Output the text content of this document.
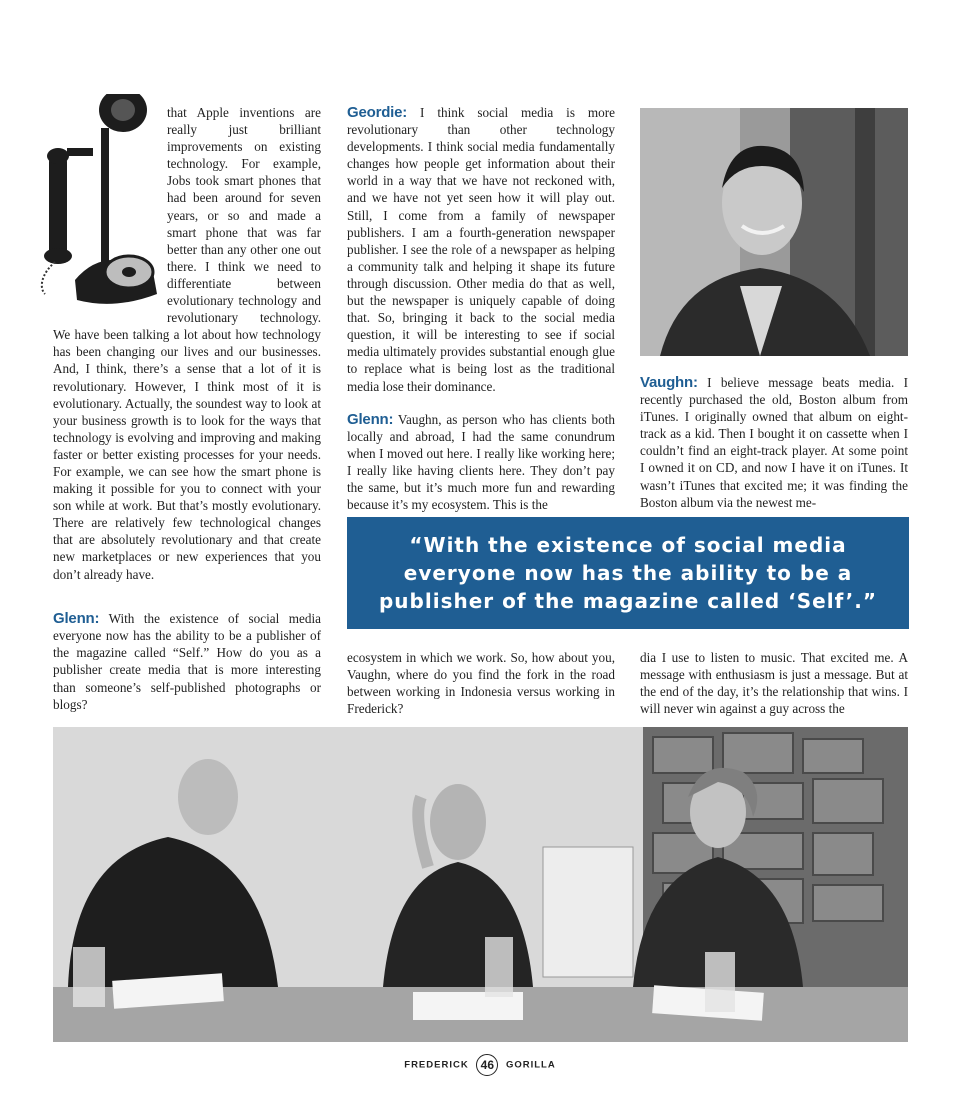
that Apple inventions are really just brilliant improvements on existing technology. For example, Jobs took smart phones that had been around for seven years, or so and made a smart phone that was far better than any other one out there. I think we need to differentiate between evolutionary technology and revolutionary technology. We have been talking a lot about how technology has been changing our lives and our businesses. And, I think, there’s a sense that a lot of it is revolutionary. However, I think most of it is evolutionary. Actually, the soundest way to look at your business growth is to look for the ways that technology is evolving and improving and making faster or better existing processes for your needs. For example, we can see how the smart phone is making it possible for you to connect with your son while at work. But that’s mostly evolutionary. There are relatively few technological changes that are absolutely revolutionary and that create new marketplaces or new experiences that you don’t already have.

Glenn: With the existence of social media everyone now has the ability to be a publisher of the magazine called “Self.” How do you as a publisher create media that is more interesting than someone’s self-published photographs or blogs?

Geordie: I think social media is more revolutionary than other technology developments. I think social media fundamentally changes how people get information about their world in a way that we have not reckoned with, and we have not yet seen how it will play out. Still, I come from a family of newspaper publishers. I am a fourth-generation newspaper publisher. I see the role of a newspaper as helping a community talk and helping it shape its future through discussion. Other media do that as well, but the newspaper is uniquely capable of doing that. So, bringing it back to the social media question, it will be interesting to see if social media ultimately provides substantial enough glue to replace what is being lost as the traditional media lose their dominance.

Glenn: Vaughn, as person who has clients both locally and abroad, I had the same conundrum when I moved out here. I really like working here; I really like having clients here. They don’t pay the same, but it’s much more fun and rewarding because it’s my ecosystem. This is the

ecosystem in which we work. So, how about you, Vaughn, where do you find the fork in the road between working in Indonesia versus working in Frederick?

Vaughn: I believe message beats media. I recently purchased the old, Boston album from iTunes. I originally owned that album on eight-track as a kid. Then I bought it on cassette when I couldn’t find an eight-track player. At some point I owned it on CD, and now I have it on iTunes. It wasn’t iTunes that excited me; it was finding the Boston album via the newest me-

dia I use to listen to music. That excited me. A message with enthusiasm is just a message. But at the end of the day, it’s the relationship that wins. I will never win against a guy across the

“With the existence of social media everyone now has the ability to be a publisher of the magazine called ‘Self’.”
FREDERICK 46 GORILLA
